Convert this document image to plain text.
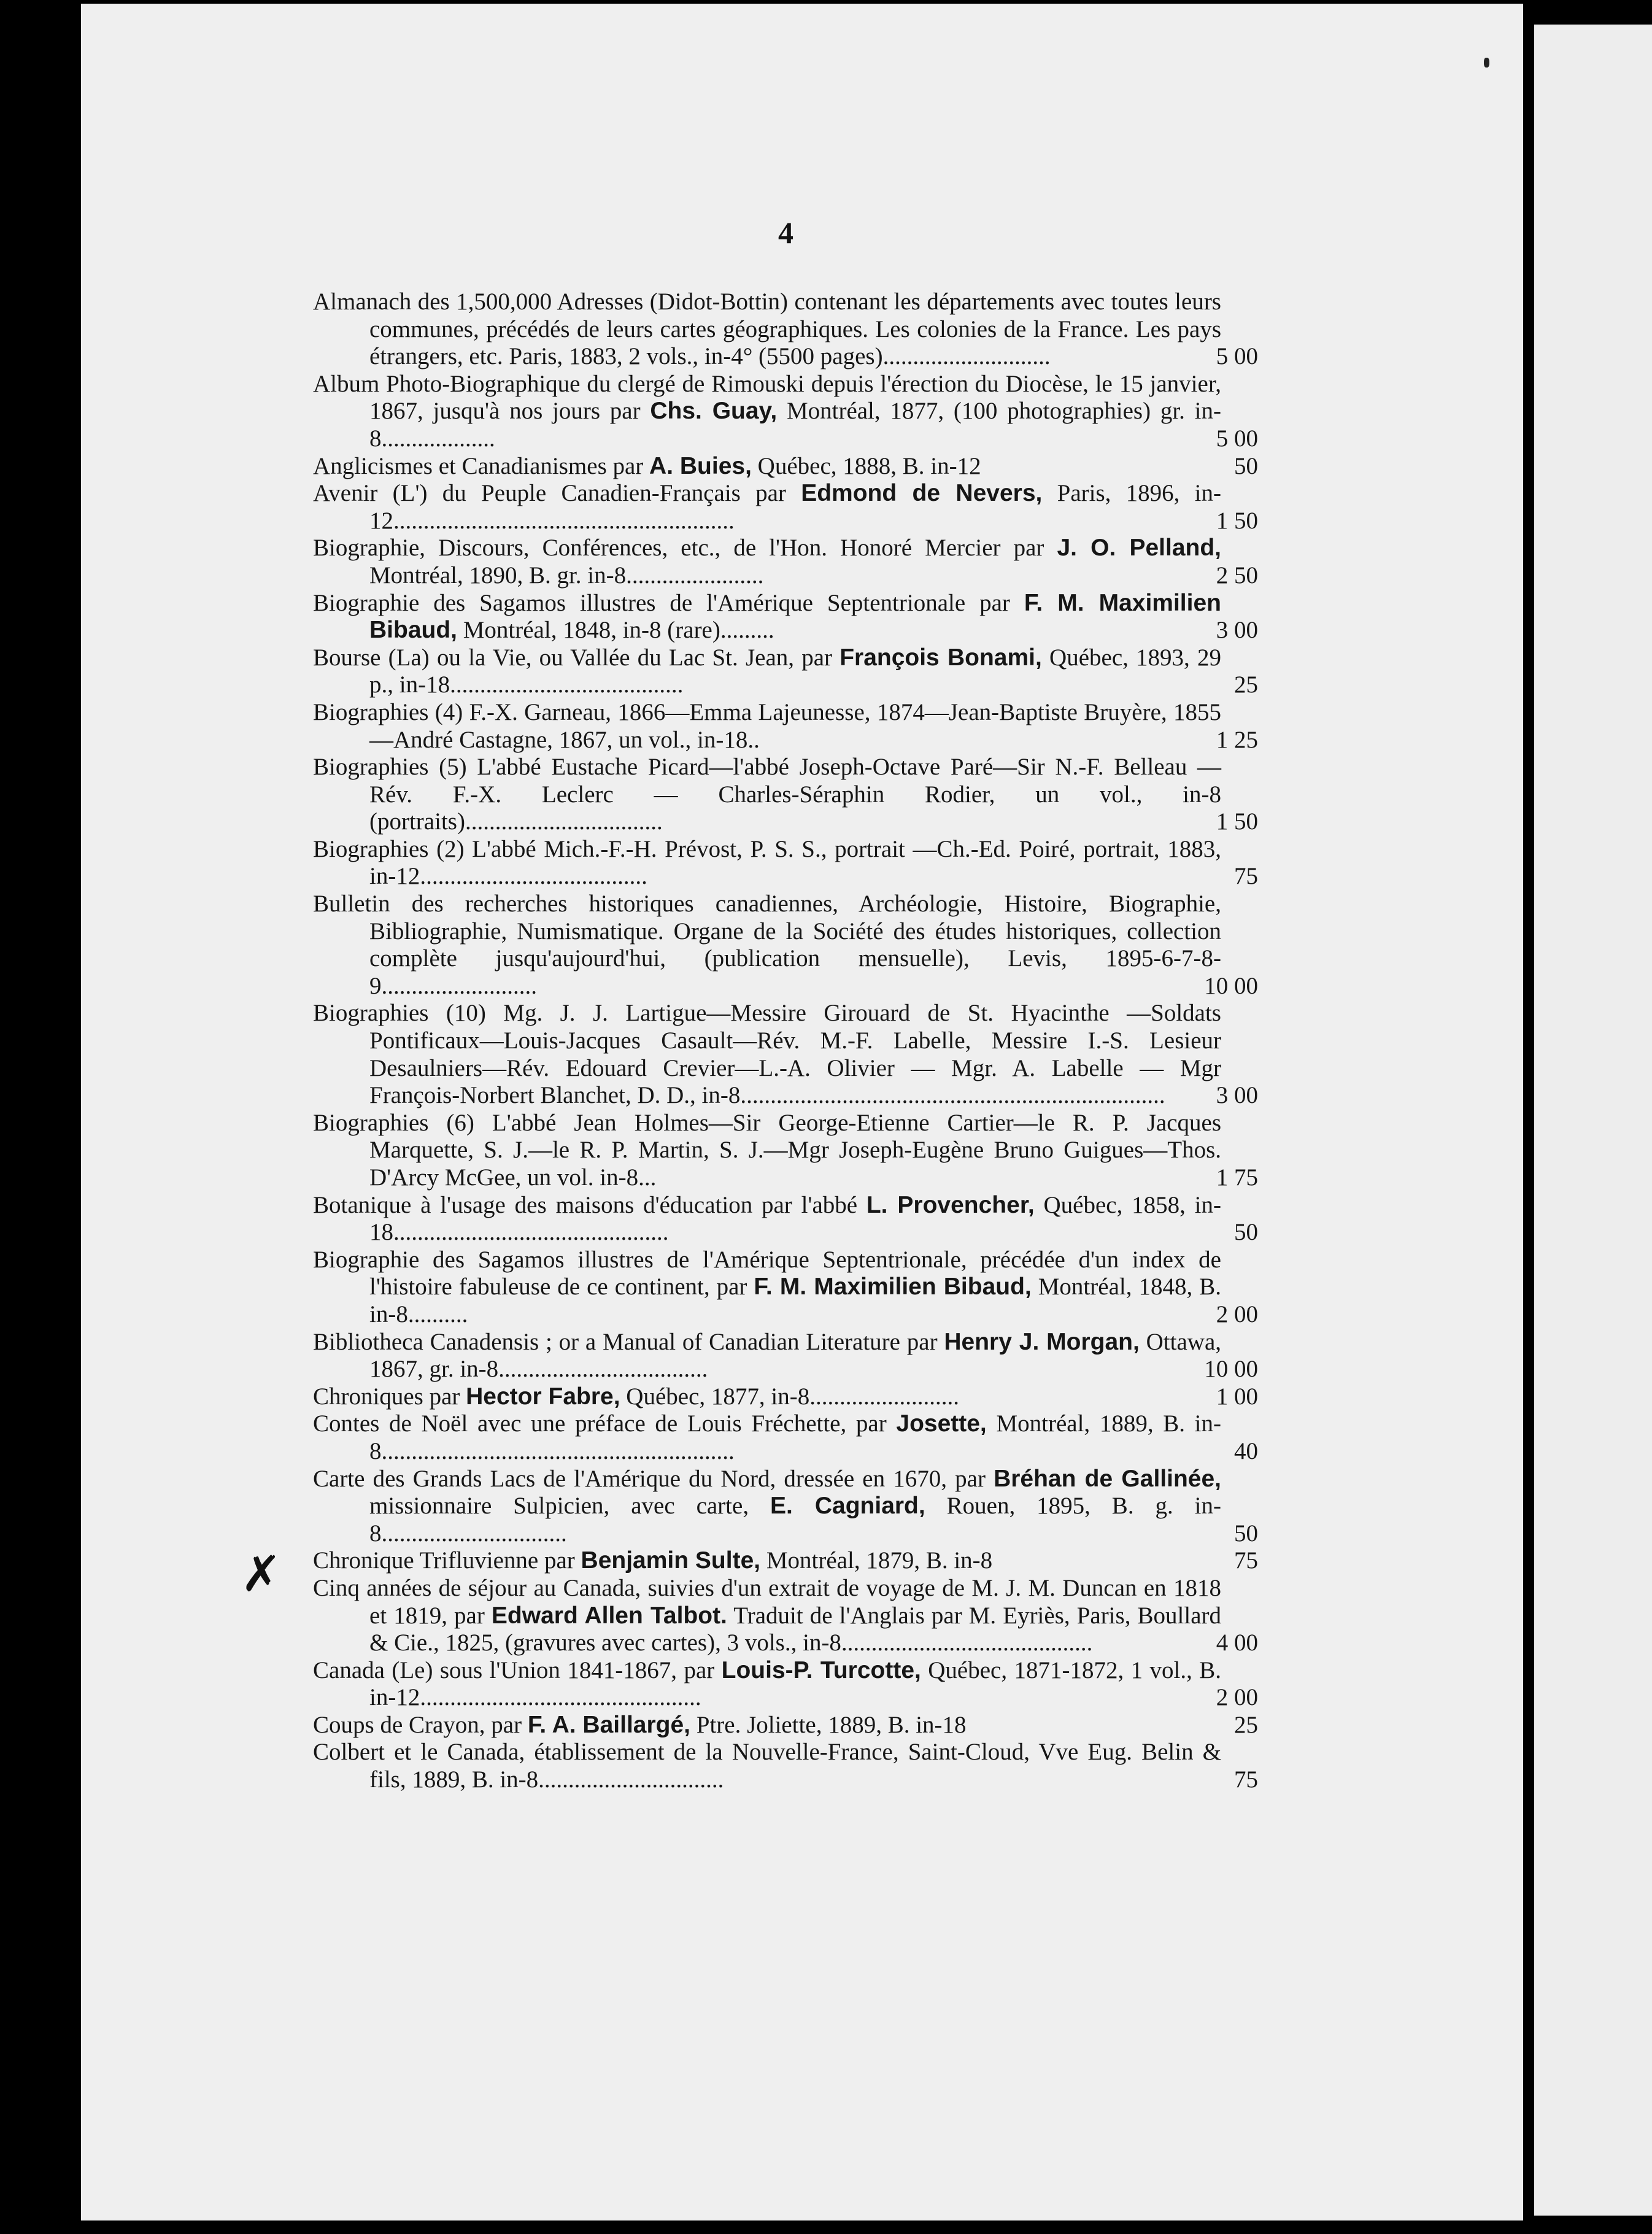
4
✗
Almanach des 1,500,000 Adresses (Didot-Bottin) contenant les départements avec toutes leurs communes, précédés de leurs cartes géographiques. Les colonies de la France. Les pays étrangers, etc. Paris, 1883, 2 vols., in-4° (5500 pages)............................	5 00
Album Photo-Biographique du clergé de Rimouski depuis l'érection du Diocèse, le 15 janvier, 1867, jusqu'à nos jours par Chs. Guay, Montréal, 1877, (100 photographies) gr. in-8...................	5 00
Anglicismes et Canadianismes par A. Buies, Québec, 1888, B. in-12	50
Avenir (L') du Peuple Canadien-Français par Edmond de Nevers, Paris, 1896, in-12.........................................................	1 50
Biographie, Discours, Conférences, etc., de l'Hon. Honoré Mercier par J. O. Pelland, Montréal, 1890, B. gr. in-8.......................	2 50
Biographie des Sagamos illustres de l'Amérique Septentrionale par F. M. Maximilien Bibaud, Montréal, 1848, in-8 (rare).........	3 00
Bourse (La) ou la Vie, ou Vallée du Lac St. Jean, par François Bonami, Québec, 1893, 29 p., in-18.......................................	25
Biographies (4) F.-X. Garneau, 1866—Emma Lajeunesse, 1874—Jean-Baptiste Bruyère, 1855—André Castagne, 1867, un vol., in-18..	1 25
Biographies (5) L'abbé Eustache Picard—l'abbé Joseph-Octave Paré—Sir N.-F. Belleau — Rév. F.-X. Leclerc — Charles-Séraphin Rodier, un vol., in-8 (portraits).................................	1 50
Biographies (2) L'abbé Mich.-F.-H. Prévost, P. S. S., portrait —Ch.-Ed. Poiré, portrait, 1883, in-12......................................	75
Bulletin des recherches historiques canadiennes, Archéologie, Histoire, Biographie, Bibliographie, Numismatique. Organe de la Société des études historiques, collection complète jusqu'aujourd'hui, (publication mensuelle), Levis, 1895-6-7-8-9..........................	10 00
Biographies (10) Mg. J. J. Lartigue—Messire Girouard de St. Hyacinthe —Soldats Pontificaux—Louis-Jacques Casault—Rév. M.-F. Labelle, Messire I.-S. Lesieur Desaulniers—Rév. Edouard Crevier—L.-A. Olivier — Mgr. A. Labelle — Mgr François-Norbert Blanchet, D. D., in-8....................................................................... 3 00
Biographies (6) L'abbé Jean Holmes—Sir George-Etienne Cartier—le R. P. Jacques Marquette, S. J.—le R. P. Martin, S. J.—Mgr Joseph-Eugène Bruno Guigues—Thos. D'Arcy McGee, un vol. in-8...	1 75
Botanique à l'usage des maisons d'éducation par l'abbé L. Provencher, Québec, 1858, in-18..............................................	50
Biographie des Sagamos illustres de l'Amérique Septentrionale, précédée d'un index de l'histoire fabuleuse de ce continent, par F. M. Maximilien Bibaud, Montréal, 1848, B. in-8..........	2 00
Bibliotheca Canadensis ; or a Manual of Canadian Literature par Henry J. Morgan, Ottawa, 1867, gr. in-8...................................	10 00
Chroniques par Hector Fabre, Québec, 1877, in-8.........................	1 00
Contes de Noël avec une préface de Louis Fréchette, par Josette, Montréal, 1889, B. in-8...........................................................	40
Carte des Grands Lacs de l'Amérique du Nord, dressée en 1670, par Bréhan de Gallinée, missionnaire Sulpicien, avec carte, E. Cagniard, Rouen, 1895, B. g. in-8...............................	50
Chronique Trifluvienne par Benjamin Sulte, Montréal, 1879, B. in-8	75
Cinq années de séjour au Canada, suivies d'un extrait de voyage de M. J. M. Duncan en 1818 et 1819, par Edward Allen Talbot. Traduit de l'Anglais par M. Eyriès, Paris, Boullard & Cie., 1825, (gravures avec cartes), 3 vols., in-8..........................................	4 00
Canada (Le) sous l'Union 1841-1867, par Louis-P. Turcotte, Québec, 1871-1872, 1 vol., B. in-12...............................................	2 00
Coups de Crayon, par F. A. Baillargé, Ptre. Joliette, 1889, B. in-18	25
Colbert et le Canada, établissement de la Nouvelle-France, Saint-Cloud, Vve Eug. Belin & fils, 1889, B. in-8...............................	75
